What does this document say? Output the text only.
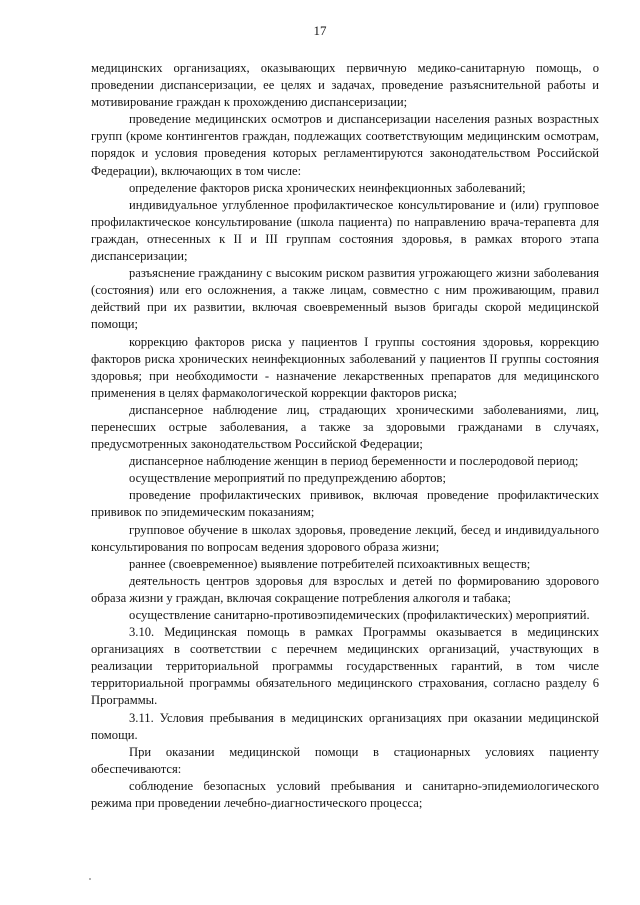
17

медицинских организациях, оказывающих первичную медико-санитарную помощь, о проведении диспансеризации, ее целях и задачах, проведение разъяснительной работы и мотивирование граждан к прохождению диспансеризации;

проведение медицинских осмотров и диспансеризации населения разных возрастных групп (кроме контингентов граждан, подлежащих соответствующим медицинским осмотрам, порядок и условия проведения которых регламентируются законодательством Российской Федерации), включающих в том числе:

определение факторов риска хронических неинфекционных заболеваний;

индивидуальное углубленное профилактическое консультирование и (или) групповое профилактическое консультирование (школа пациента) по направлению врача-терапевта для граждан, отнесенных к II и III группам состояния здоровья, в рамках второго этапа диспансеризации;

разъяснение гражданину с высоким риском развития угрожающего жизни заболевания (состояния) или его осложнения, а также лицам, совместно с ним проживающим, правил действий при их развитии, включая своевременный вызов бригады скорой медицинской помощи;

коррекцию факторов риска у пациентов I группы состояния здоровья, коррекцию факторов риска хронических неинфекционных заболеваний у пациентов II группы состояния здоровья; при необходимости - назначение лекарственных препаратов для медицинского применения в целях фармакологической коррекции факторов риска;

диспансерное наблюдение лиц, страдающих хроническими заболеваниями, лиц, перенесших острые заболевания, а также за здоровыми гражданами в случаях, предусмотренных законодательством Российской Федерации;

диспансерное наблюдение женщин в период беременности и послеродовой период;

осуществление мероприятий по предупреждению абортов;

проведение профилактических прививок, включая проведение профилактических прививок по эпидемическим показаниям;

групповое обучение в школах здоровья, проведение лекций, бесед и индивидуального консультирования по вопросам ведения здорового образа жизни;

раннее (своевременное) выявление потребителей психоактивных веществ;

деятельность центров здоровья для взрослых и детей по формированию здорового образа жизни у граждан, включая сокращение потребления алкоголя и табака;

осуществление санитарно-противоэпидемических (профилактических) мероприятий.

3.10. Медицинская помощь в рамках Программы оказывается в медицинских организациях в соответствии с перечнем медицинских организаций, участвующих в реализации территориальной программы государственных гарантий, в том числе территориальной программы обязательного медицинского страхования, согласно разделу 6 Программы.

3.11. Условия пребывания в медицинских организациях при оказании медицинской помощи.

При оказании медицинской помощи в стационарных условиях пациенту обеспечиваются:

соблюдение безопасных условий пребывания и санитарно-эпидемиологического режима при проведении лечебно-диагностического процесса;
